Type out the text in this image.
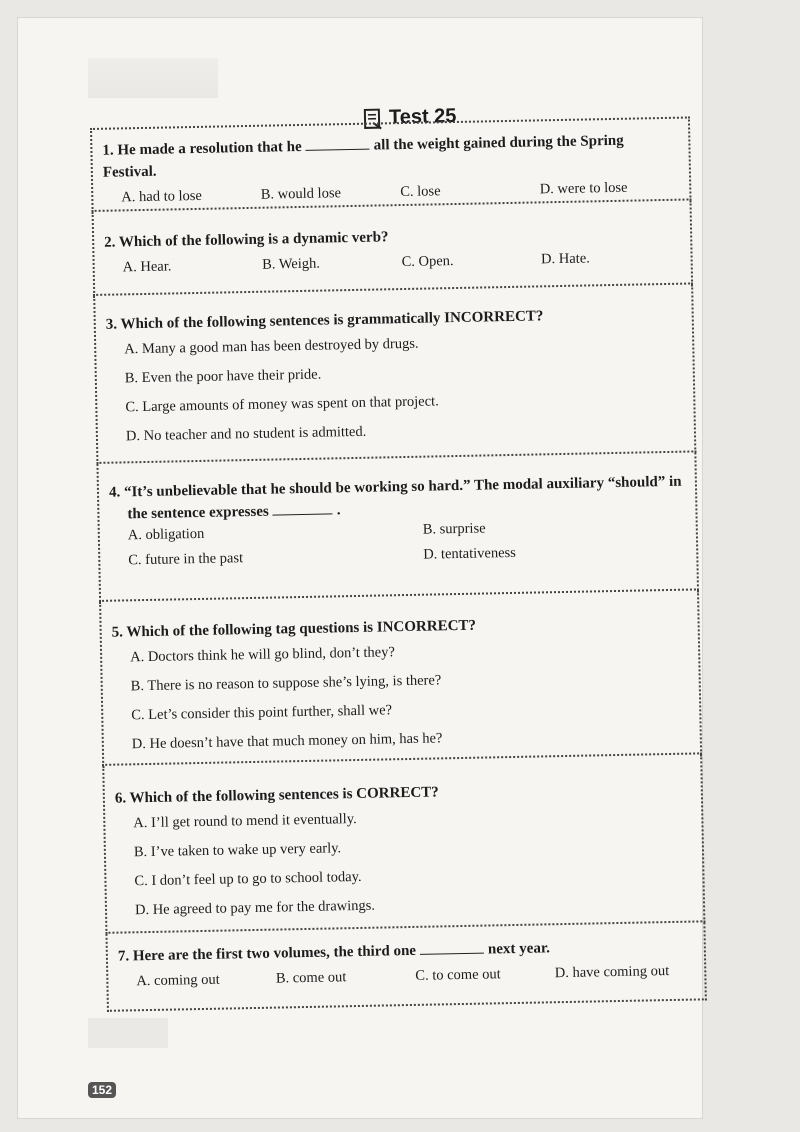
Test 25
1. He made a resolution that he	all the weight gained during the Spring Festival.
A. had to lose	B. would lose	C. lose	D. were to lose
2. Which of the following is a dynamic verb?
A. Hear.	B. Weigh.	C. Open.	D. Hate.
3. Which of the following sentences is grammatically INCORRECT?
A. Many a good man has been destroyed by drugs.
B. Even the poor have their pride.
C. Large amounts of money was spent on that project.
D. No teacher and no student is admitted.
4. “It’s unbelievable that he should be working so hard.” The modal auxiliary “should” in
the sentence expresses	.
A. obligation	B. surprise
C. future in the past	D. tentativeness
5. Which of the following tag questions is INCORRECT?
A. Doctors think he will go blind, don’t they?
B. There is no reason to suppose she’s lying, is there?
C. Let’s consider this point further, shall we?
D. He doesn’t have that much money on him, has he?
6. Which of the following sentences is CORRECT?
A. I’ll get round to mend it eventually.
B. I’ve taken to wake up very early.
C. I don’t feel up to go to school today.
D. He agreed to pay me for the drawings.
7. Here are the first two volumes, the third one	next year.
A. coming out	B. come out	C. to come out	D. have coming out
152
